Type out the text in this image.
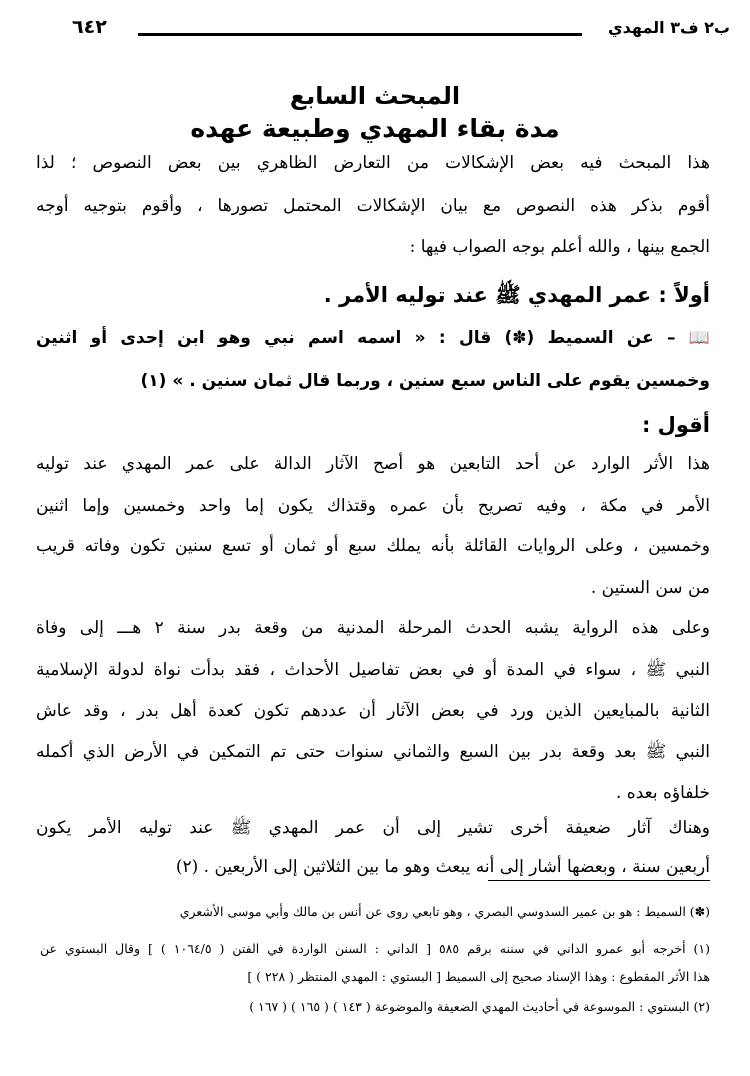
ب٢ ف٣ المهدي
٦٤٢
المبحث السابع
مدة بقاء المهدي وطبيعة عهده
هذا المبحث فيه بعض الإشكالات من التعارض الظاهري بين بعض النصوص ؛ لذا
أقوم بذكر هذه النصوص مع بيان الإشكالات المحتمل تصورها ، وأقوم بتوجيه أوجه
الجمع بينها ، والله أعلم بوجه الصواب فيها :
أولاً : عمر المهدي ﷺ عند توليه الأمر .
📖 – عن السميط (✽) قال : « اسمه اسم نبي وهو ابن إحدى أو اثنين
وخمسين يقوم على الناس سبع سنين ، وربما قال ثمان سنين . » (١)
أقول :
هذا الأثر الوارد عن أحد التابعين هو أصح الآثار الدالة على عمر المهدي عند توليه
الأمر في مكة ، وفيه تصريح بأن عمره وقتذاك يكون إما واحد وخمسين وإما اثنين
وخمسين ، وعلى الروايات القائلة بأنه يملك سبع أو ثمان أو تسع سنين تكون وفاته قريب
من سن الستين .
وعلى هذه الرواية يشبه الحدث المرحلة المدنية من وقعة بدر سنة ٢ هـــ إلى وفاة
النبي ﷺ ، سواء في المدة أو في بعض تفاصيل الأحداث ، فقد بدأت نواة لدولة الإسلامية
الثانية بالمبايعين الذين ورد في بعض الآثار أن عددهم تكون كعدة أهل بدر ، وقد عاش
النبي ﷺ بعد وقعة بدر بين السبع والثماني سنوات حتى تم التمكين في الأرض الذي أكمله
خلفاؤه بعده .
وهناك آثار ضعيفة أخرى تشير إلى أن عمر المهدي ﷺ عند توليه الأمر يكون
أربعين سنة ، وبعضها أشار إلى أنه يبعث وهو ما بين الثلاثين إلى الأربعين . (٢)
(✽) السميط : هو بن عمير السدوسي البصري ، وهو تابعي روى عن أنس بن مالك وأبي موسى الأشعري
(١) أخرجه أبو عمرو الداني في سننه برقم ٥٨٥ [ الداني : السنن الواردة في الفتن ( ١٠٦٤/٥ ) ] وقال البستوي عن
هذا الأثر المقطوع : وهذا الإسناد صحيح إلى السميط [ البستوي : المهدي المنتظر ( ٢٢٨ ) ]
(٢) البستوي : الموسوعة في أحاديث المهدي الضعيفة والموضوعة ( ١٤٣ ) ( ١٦٥ ) ( ١٦٧ )
